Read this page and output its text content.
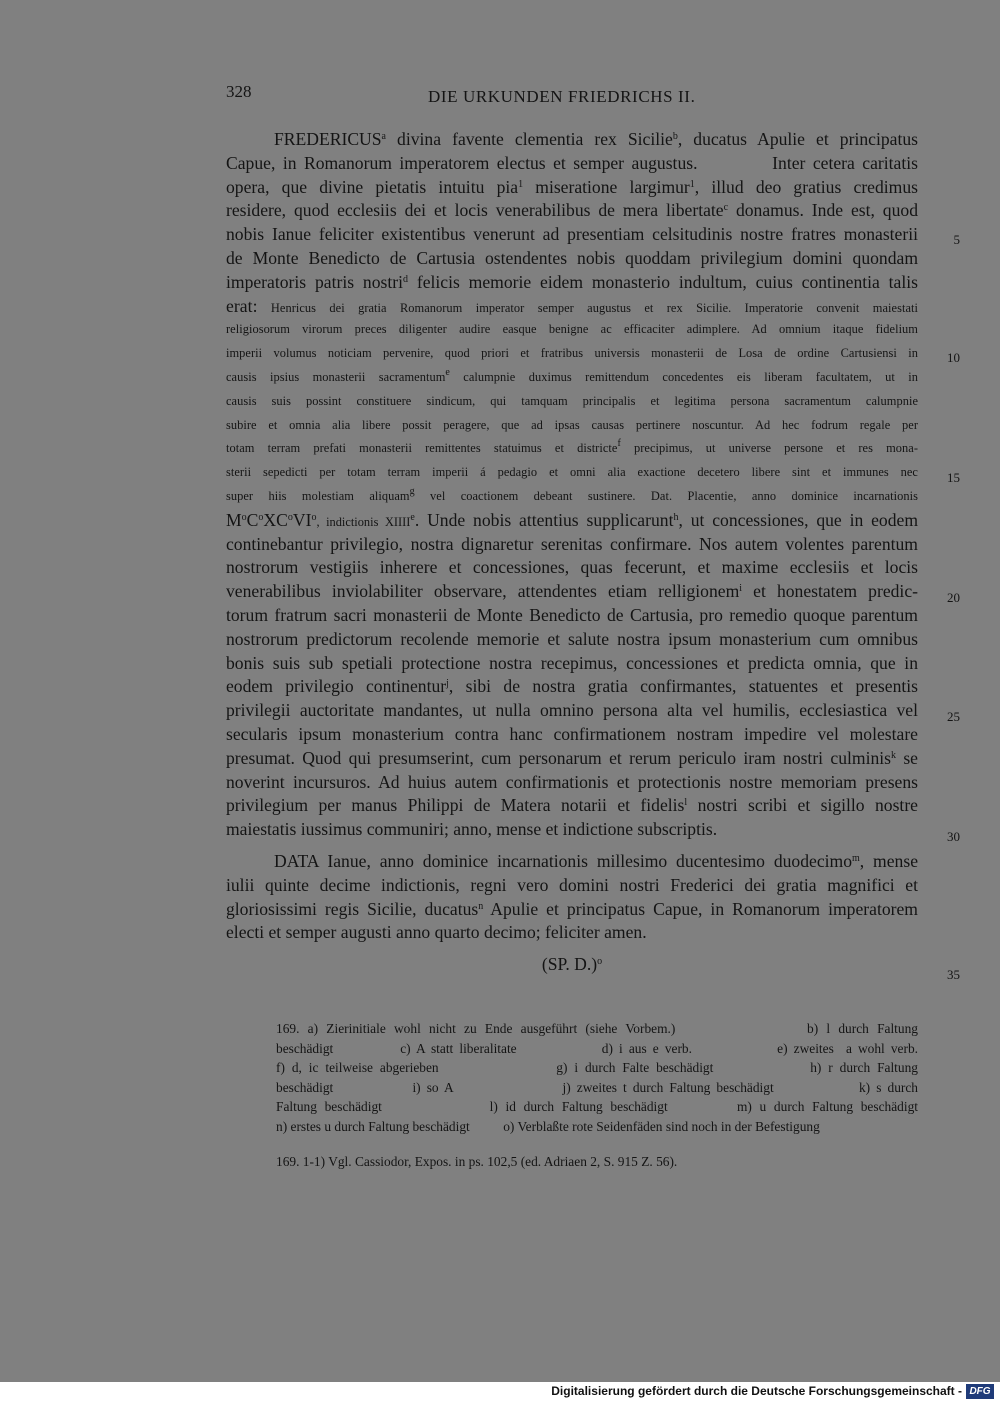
328	DIE URKUNDEN FRIEDRICHS II.
FREDERICUS$^a$ divina favente clementia rex Sicilie$^b$, ducatus Apulie et principatus
Capue, in Romanorum imperatorem electus et semper augustus.          Inter cetera caritatis
opera, que divine pietatis intuitu pia$^1$ miseratione largimur$^1$, illud deo gratius credimus
residere, quod ecclesiis dei et locis venerabilibus de mera libertate$^c$ donamus. Inde est, quod
nobis Ianue feliciter existentibus venerunt ad presentiam celsitudinis nostre fratres monasterii
de Monte Benedicto de Cartusia ostendentes nobis quoddam privilegium domini quondam
imperatoris patris nostri$^d$ felicis memorie eidem monasterio indultum, cuius continentia talis
erat: Henricus dei gratia Romanorum imperator semper augustus et rex Sicilie. Imperatorie convenit maiestati
religiosorum virorum preces diligenter audire easque benigne ac efficaciter adimplere. Ad omnium itaque fidelium
imperii volumus noticiam pervenire, quod priori et fratribus universis monasterii de Losa de ordine Cartusiensi in
causis ipsius monasterii sacramentum$^e$ calumpnie duximus remittendum concedentes eis liberam facultatem, ut in
causis suis possint constituere sindicum, qui tamquam principalis et legitima persona sacramentum calumpnie
subire et omnia alia libere possit peragere, que ad ipsas causas pertinere noscuntur. Ad hec fodrum regale per
totam terram prefati monasterii remittentes statuimus et districte$^f$ precipimus, ut universe persone et res mona-
sterii sepedicti per totam terram imperii á pedagio et omni alia exactione decetero libere sint et immunes nec
super hiis molestiam aliquam$^g$ vel coactionem debeant sustinere. Dat. Placentie, anno dominice incarnationis
$M^oC^oXC^oVI^o$, indictionis XIIIIe. Unde nobis attentius supplicarunt$^h$, ut concessiones, que in eodem
continebantur privilegio, nostra dignaretur serenitas confirmare. Nos autem volentes parentum
nostrorum vestigiis inherere et concessiones, quas fecerunt, et maxime ecclesiis et locis
venerabilibus inviolabiliter observare, attendentes etiam relligionem$^i$ et honestatem predic-
torum fratrum sacri monasterii de Monte Benedicto de Cartusia, pro remedio quoque parentum
nostrorum predictorum recolende memorie et salute nostra ipsum monasterium cum omnibus
bonis suis sub spetiali protectione nostra recepimus, concessiones et predicta omnia, que in
eodem privilegio continentur$^j$, sibi de nostra gratia confirmantes, statuentes et presentis
privilegii auctoritate mandantes, ut nulla omnino persona alta vel humilis, ecclesiastica vel
secularis ipsum monasterium contra hanc confirmationem nostram impedire vel molestare
presumat. Quod qui presumserint, cum personarum et rerum periculo iram nostri culminis$^k$ se
noverint incursuros. Ad huius autem confirmationis et protectionis nostre memoriam presens
privilegium per manus Philippi de Matera notarii et fidelis$^l$ nostri scribi et sigillo nostre
maiestatis iussimus communiri; anno, mense et indictione subscriptis.
DATA Ianue, anno dominice incarnationis millesimo ducentesimo duodecimo$^m$, mense
iulii quinte decime indictionis, regni vero domini nostri Frederici dei gratia magnifici et
gloriosissimi regis Sicilie, ducatus$^n$ Apulie et principatus Capue, in Romanorum imperatorem
electi et semper augusti anno quarto decimo; feliciter amen.
(SP. D.)$^o$
5
10
15
20
25
30
35
169. a) Zierinitiale wohl nicht zu Ende ausgeführt (siehe Vorbem.)                b) l durch Faltung
beschädigt           c) A statt liberalitate              d) i aus e verb.              e) zweites  a wohl verb.
f) d, ic teilweise abgerieben                 g) i durch Falte beschädigt              h) r durch Faltung
beschädigt             i) so A                  j) zweites t durch Faltung beschädigt              k) s durch
Faltung beschädigt              l) id durch Faltung beschädigt         m) u durch Faltung beschädigt
n) erstes u durch Faltung beschädigt          o) Verblaßte rote Seidenfäden sind noch in der Befestigung
169. 1-1) Vgl. Cassiodor, Expos. in ps. 102,5 (ed. Adriaen 2, S. 915 Z. 56).
Digitalisierung gefördert durch die Deutsche Forschungsgemeinschaft - DFG
